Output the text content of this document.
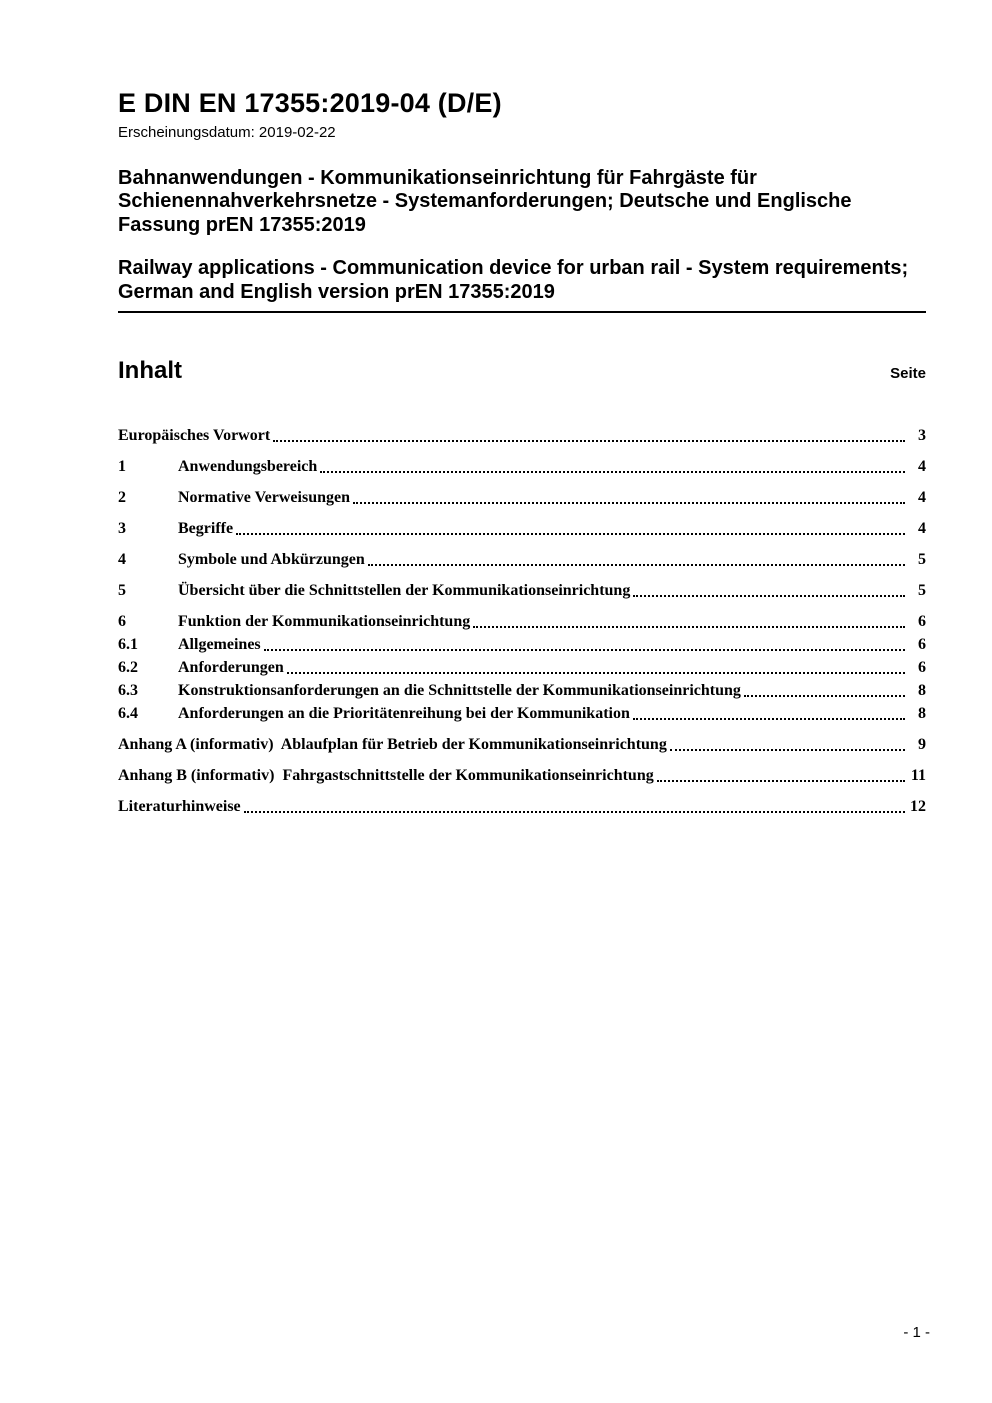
E DIN EN 17355:2019-04 (D/E)
Erscheinungsdatum: 2019-02-22
Bahnanwendungen - Kommunikationseinrichtung für Fahrgäste für Schienennahverkehrsnetze - Systemanforderungen; Deutsche und Englische Fassung prEN 17355:2019
Railway applications - Communication device for urban rail - System requirements; German and English version prEN 17355:2019
Inhalt	Seite
Europäisches Vorwort	3
1	Anwendungsbereich	4
2	Normative Verweisungen	4
3	Begriffe	4
4	Symbole und Abkürzungen	5
5	Übersicht über die Schnittstellen der Kommunikationseinrichtung	5
6	Funktion der Kommunikationseinrichtung	6
6.1	Allgemeines	6
6.2	Anforderungen	6
6.3	Konstruktionsanforderungen an die Schnittstelle der Kommunikationseinrichtung	8
6.4	Anforderungen an die Prioritätenreihung bei der Kommunikation	8
Anhang A (informativ)  Ablaufplan für Betrieb der Kommunikationseinrichtung	9
Anhang B (informativ)  Fahrgastschnittstelle der Kommunikationseinrichtung	11
Literaturhinweise	12
- 1 -
